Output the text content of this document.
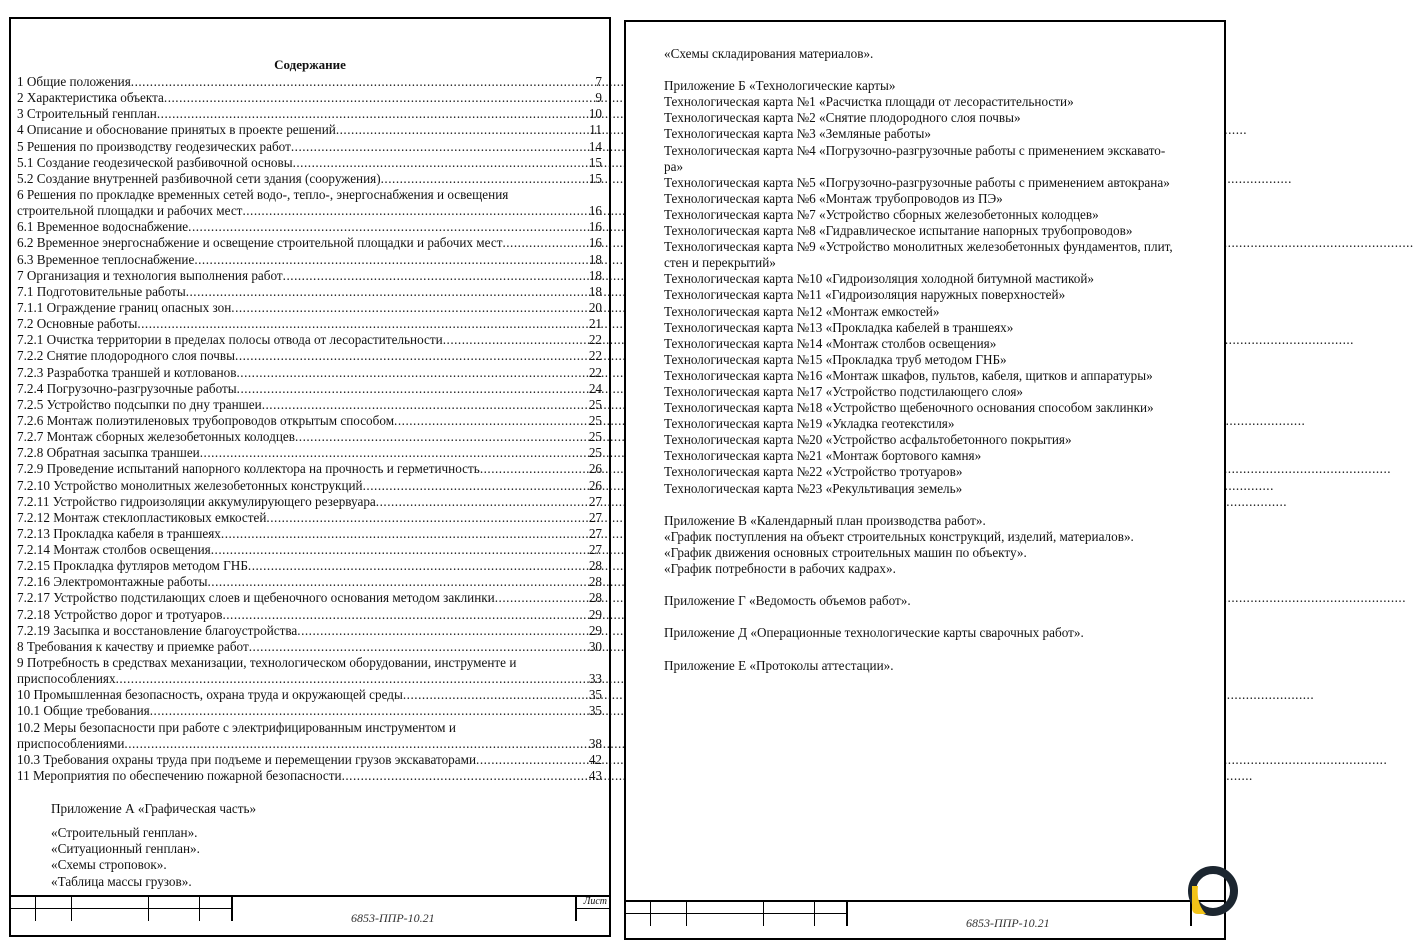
Содержание
1 Общие положения .....	7
2 Характеристика объекта .....	9
3 Строительный генплан .....	10
4 Описание и обоснование принятых в проекте решений .....	11
5 Решения по производству геодезических работ .....	14
5.1 Создание геодезической разбивочной основы .....	15
5.2 Создание внутренней разбивочной сети здания (сооружения) .....	15
6 Решения по прокладке временных сетей водо-, тепло-, энергоснабжения и освещения
строительной площадки и рабочих мест .....	16
6.1 Временное водоснабжение .....	16
6.2 Временное энергоснабжение и освещение строительной площадки и рабочих мест .....	16
6.3 Временное теплоснабжение .....	18
7 Организация и технология выполнения работ .....	18
7.1 Подготовительные работы .....	18
7.1.1 Ограждение границ опасных зон .....	20
7.2 Основные работы .....	21
7.2.1 Очистка территории в пределах полосы отвода от лесорастительности .....	22
7.2.2 Снятие плодородного слоя почвы .....	22
7.2.3 Разработка траншей и котлованов .....	22
7.2.4 Погрузочно-разгрузочные работы .....	24
7.2.5 Устройство подсыпки по дну траншеи .....	25
7.2.6 Монтаж полиэтиленовых трубопроводов открытым способом .....	25
7.2.7 Монтаж сборных железобетонных колодцев .....	25
7.2.8 Обратная засыпка траншеи .....	25
7.2.9 Проведение испытаний напорного коллектора на прочность и герметичность .....	26
7.2.10 Устройство монолитных железобетонных конструкций .....	26
7.2.11 Устройство гидроизоляции аккумулирующего резервуара .....	27
7.2.12 Монтаж стеклопластиковых емкостей .....	27
7.2.13 Прокладка кабеля в траншеях .....	27
7.2.14 Монтаж столбов освещения .....	27
7.2.15 Прокладка футляров методом ГНБ .....	28
7.2.16 Электромонтажные работы .....	28
7.2.17 Устройство подстилающих слоев и щебеночного основания методом заклинки .....	28
7.2.18 Устройство дорог и тротуаров .....	29
7.2.19 Засыпка и восстановление благоустройства .....	29
8 Требования к качеству и приемке работ .....	30
9 Потребность в средствах механизации, технологическом оборудовании, инструменте и
приспособлениях .....	33
10 Промышленная безопасность, охрана труда и окружающей среды .....	35
10.1 Общие требования .....	35
10.2 Меры безопасности при работе с электрифицированным инструментом и
приспособлениями .....	38
10.3 Требования охраны труда при подъеме и перемещении грузов экскаваторами .....	42
11 Мероприятия по обеспечению пожарной безопасности .....	43
Приложение А «Графическая часть»
«Строительный генплан».
«Ситуационный генплан».
«Схемы строповок».
«Таблица массы грузов».
Лист
6853-ППР-10.21
«Схемы складирования материалов».
Приложение Б «Технологические карты»
Технологическая карта №1 «Расчистка площади от лесорастительности»
Технологическая карта №2 «Снятие плодородного слоя почвы»
Технологическая карта №3 «Земляные работы»
Технологическая карта №4 «Погрузочно-разгрузочные работы с применением экскавато-
ра»
Технологическая карта №5 «Погрузочно-разгрузочные работы с применением автокрана»
Технологическая карта №6 «Монтаж трубопроводов из ПЭ»
Технологическая карта №7 «Устройство сборных железобетонных колодцев»
Технологическая карта №8 «Гидравлическое испытание напорных трубопроводов»
Технологическая карта №9 «Устройство монолитных железобетонных фундаментов, плит,
стен и перекрытий»
Технологическая карта №10 «Гидроизоляция холодной битумной мастикой»
Технологическая карта №11 «Гидроизоляция наружных поверхностей»
Технологическая карта №12 «Монтаж емкостей»
Технологическая карта №13 «Прокладка кабелей в траншеях»
Технологическая карта №14 «Монтаж столбов освещения»
Технологическая карта №15 «Прокладка труб методом ГНБ»
Технологическая карта №16 «Монтаж шкафов, пультов, кабеля, щитков и аппаратуры»
Технологическая карта №17 «Устройство подстилающего слоя»
Технологическая карта №18 «Устройство щебеночного основания способом заклинки»
Технологическая карта №19 «Укладка геотекстиля»
Технологическая карта №20 «Устройство асфальтобетонного покрытия»
Технологическая карта №21 «Монтаж бортового камня»
Технологическая карта №22 «Устройство тротуаров»
Технологическая карта №23 «Рекультивация земель»
Приложение В «Календарный план производства работ».
«График поступления на объект строительных конструкций, изделий, материалов».
«График движения основных строительных машин по объекту».
«График потребности в рабочих кадрах».
Приложение Г «Ведомость объемов работ».
Приложение Д «Операционные технологические карты сварочных работ».
Приложение Е «Протоколы аттестации».
6853-ППР-10.21
